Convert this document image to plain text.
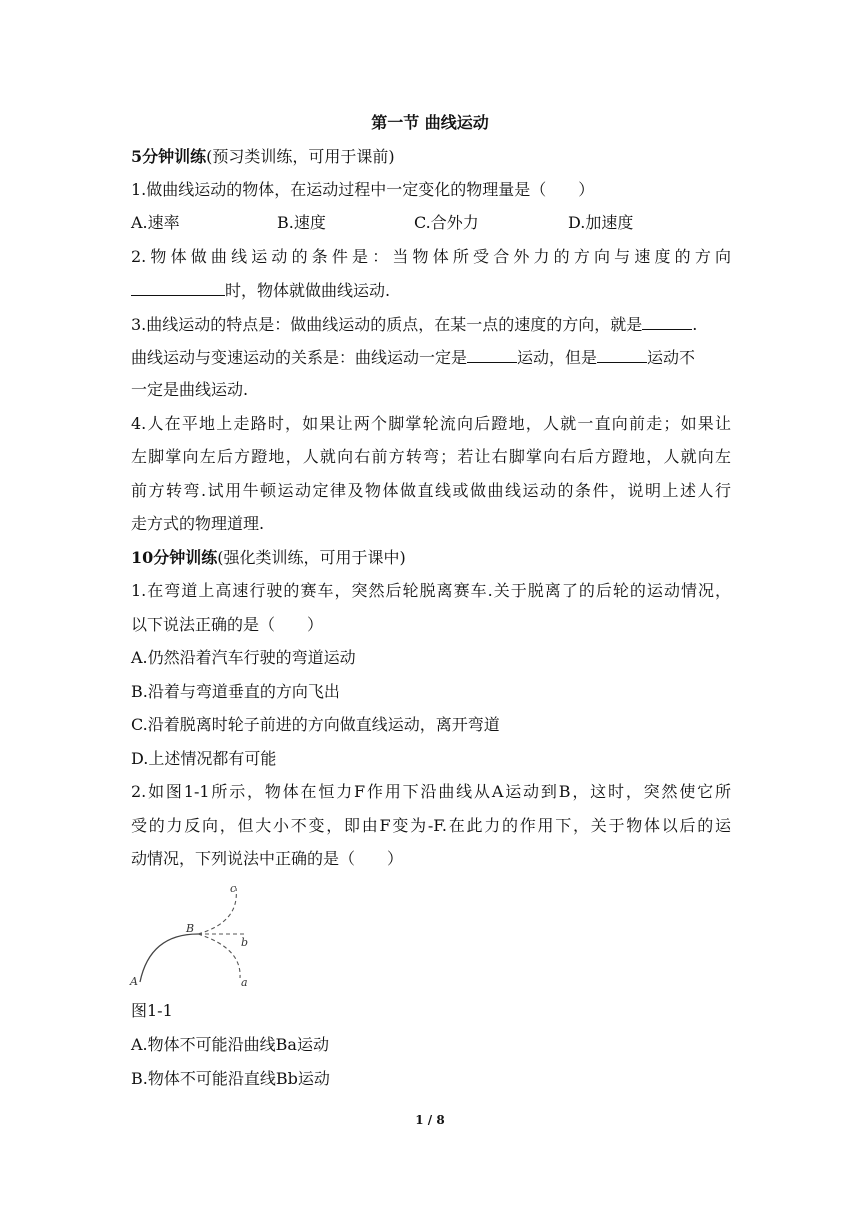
第一节 曲线运动
5分钟训练(预习类训练，可用于课前)
1.做曲线运动的物体，在运动过程中一定变化的物理量是（　　）
A.速率	B.速度	C.合外力	D.加速度
2.物体做曲线运动的条件是：当物体所受合外力的方向与速度的方向
时，物体就做曲线运动.
3.曲线运动的特点是：做曲线运动的质点，在某一点的速度的方向，就是	.
曲线运动与变速运动的关系是：曲线运动一定是	运动，但是	运动不
一定是曲线运动.
4.人在平地上走路时，如果让两个脚掌轮流向后蹬地，人就一直向前走；如果让
左脚掌向左后方蹬地，人就向右前方转弯；若让右脚掌向右后方蹬地，人就向左
前方转弯.试用牛顿运动定律及物体做直线或做曲线运动的条件，说明上述人行
走方式的物理道理.
10分钟训练(强化类训练，可用于课中)
1.在弯道上高速行驶的赛车，突然后轮脱离赛车.关于脱离了的后轮的运动情况，
以下说法正确的是（　　）
A.仍然沿着汽车行驶的弯道运动
B.沿着与弯道垂直的方向飞出
C.沿着脱离时轮子前进的方向做直线运动，离开弯道
D.上述情况都有可能
2.如图1-1所示，物体在恒力F作用下沿曲线从A运动到B，这时，突然使它所
受的力反向，但大小不变，即由F变为-F.在此力的作用下，关于物体以后的运
动情况，下列说法中正确的是（　　）
A
B
a
b
c
图1-1
A.物体不可能沿曲线Ba运动
B.物体不可能沿直线Bb运动
1 / 8
